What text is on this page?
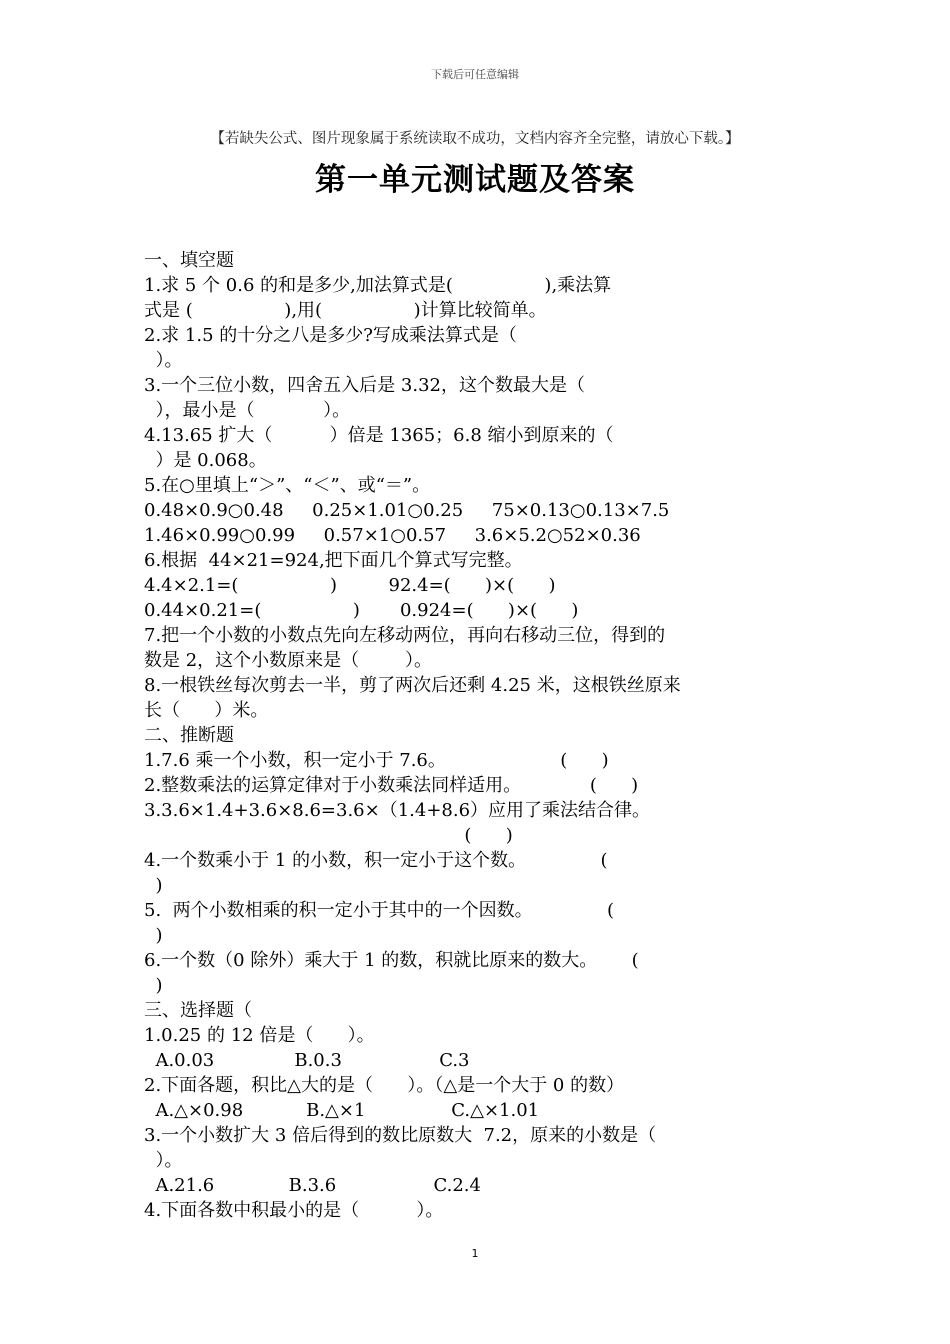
下载后可任意编辑
【若缺失公式、图片现象属于系统读取不成功，文档内容齐全完整，请放心下载。】
第一单元测试题及答案
一、填空题
1.求 5 个 0.6 的和是多少,加法算式是(                ),乘法算
式是 (                ),用(                )计算比较简单。
2.求 1.5 的十分之八是多少?写成乘法算式是（
）。
3.一个三位小数，四舍五入后是 3.32，这个数最大是（
），最小是（            ）。
4.13.65 扩大（          ）倍是 1365；6.8 缩小到原来的（
）是 0.068。
5.在○里填上“＞”、“＜”、或“＝”。
0.48×0.9○0.48     0.25×1.01○0.25     75×0.13○0.13×7.5
1.46×0.99○0.99     0.57×1○0.57     3.6×5.2○52×0.36
6.根据  44×21=924,把下面几个算式写完整。
4.4×2.1=(                )         92.4=(      )×(      )
0.44×0.21=(                )       0.924=(      )×(      )
7.把一个小数的小数点先向左移动两位，再向右移动三位，得到的
数是 2，这个小数原来是（        ）。
8.一根铁丝每次剪去一半，剪了两次后还剩 4.25 米，这根铁丝原来
长（      ）米。
二、推断题
1.7.6 乘一个小数，积一定小于 7.6。                    (      )
2.整数乘法的运算定律对于小数乘法同样适用。            (      )
3.3.6×1.4+3.6×8.6=3.6×（1.4+8.6）应用了乘法结合律。
(      )
4.一个数乘小于 1 的小数，积一定小于这个数。             (
)
5.  两个小数相乘的积一定小于其中的一个因数。             (
)
6.一个数（0 除外）乘大于 1 的数，积就比原来的数大。      (
)
三、选择题（
1.0.25 的 12 倍是（      ）。
A.0.03              B.0.3                 C.3
2.下面各题，积比△大的是（      ）。（△是一个大于 0 的数）
A.△×0.98           B.△×1               C.△×1.01
3.一个小数扩大 3 倍后得到的数比原数大  7.2，原来的小数是（
）。
A.21.6             B.3.6                 C.2.4
4.下面各数中积最小的是（          ）。
1
